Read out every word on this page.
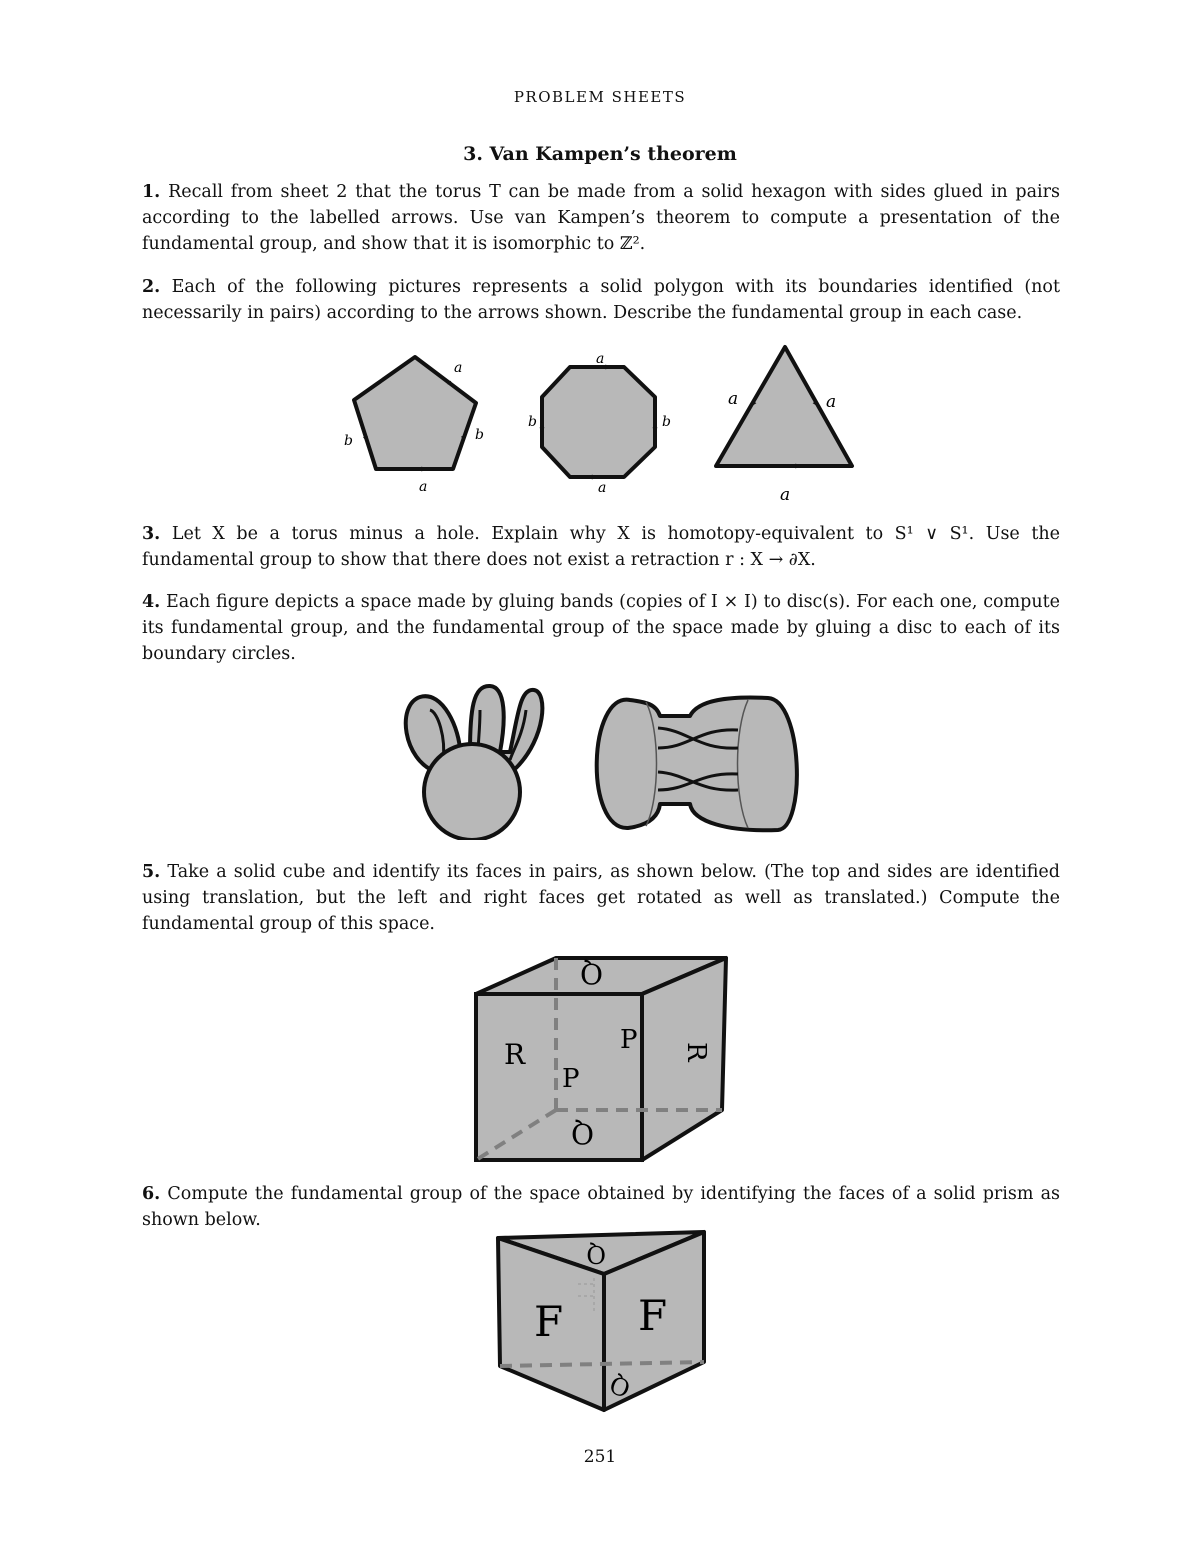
PROBLEM SHEETS
3. Van Kampen’s theorem
1. Recall from sheet 2 that the torus T can be made from a solid hexagon with sides glued in pairs according to the labelled arrows. Use van Kampen’s theorem to compute a presentation of the fundamental group, and show that it is isomorphic to ℤ².
2. Each of the following pictures represents a solid polygon with its boundaries identified (not necessarily in pairs) according to the arrows shown. Describe the fundamental group in each case.
a
b	b
a
a
b	b
a
a	a
a
3. Let X be a torus minus a hole. Explain why X is homotopy-equivalent to S¹ ∨ S¹. Use the fundamental group to show that there does not exist a retraction r : X → ∂X.
4. Each figure depicts a space made by gluing bands (copies of I × I) to disc(s). For each one, compute its fundamental group, and the fundamental group of the space made by gluing a disc to each of its boundary circles.
5. Take a solid cube and identify its faces in pairs, as shown below. (The top and sides are identified using translation, but the left and right faces get rotated as well as translated.) Compute the fundamental group of this space.
Q
R	P
P
R
Q
6. Compute the fundamental group of the space obtained by identifying the faces of a solid prism as shown below.
Q
F F
Q
251
